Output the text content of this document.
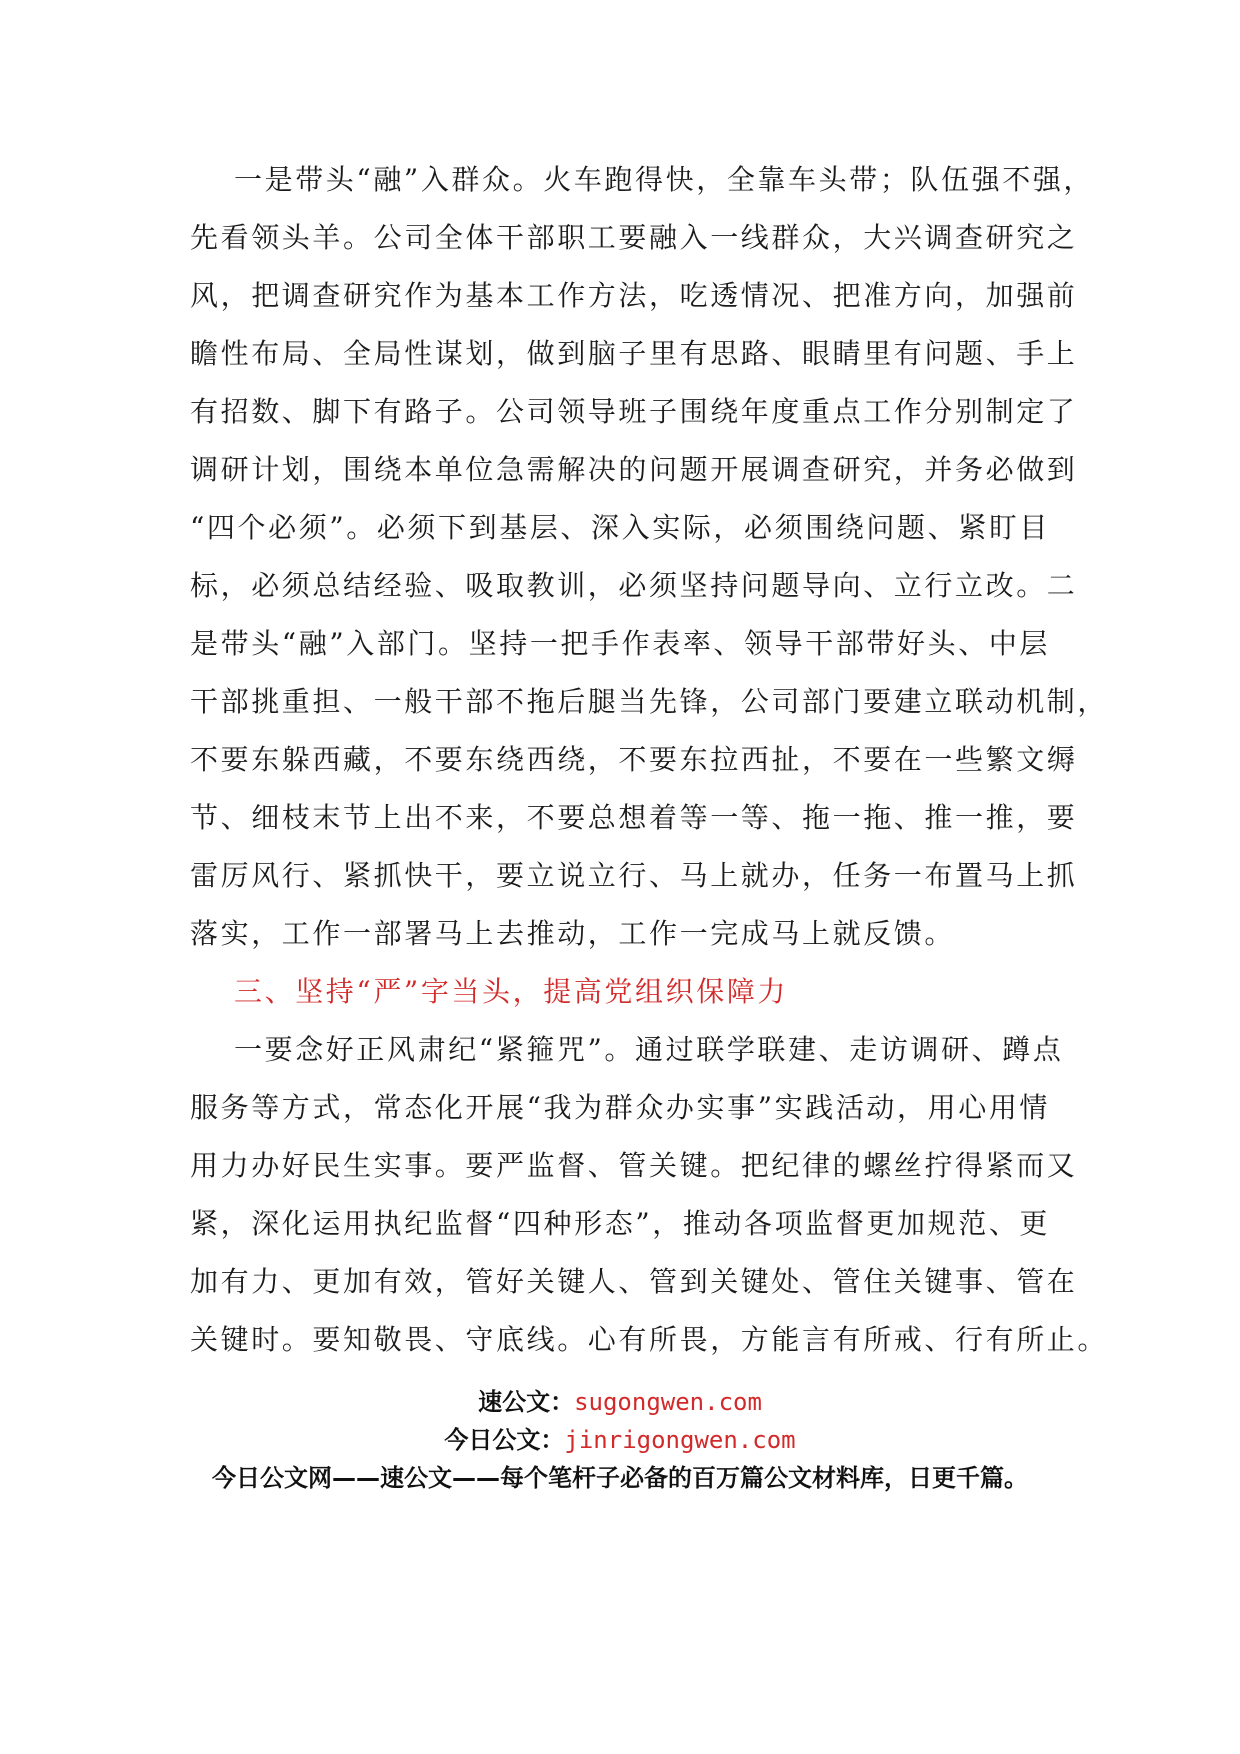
一是带头“融”入群众。火车跑得快，全靠车头带；队伍强不强，
先看领头羊。公司全体干部职工要融入一线群众，大兴调查研究之
风，把调查研究作为基本工作方法，吃透情况、把准方向，加强前
瞻性布局、全局性谋划，做到脑子里有思路、眼睛里有问题、手上
有招数、脚下有路子。公司领导班子围绕年度重点工作分别制定了
调研计划，围绕本单位急需解决的问题开展调查研究，并务必做到
“四个必须”。必须下到基层、深入实际，必须围绕问题、紧盯目
标，必须总结经验、吸取教训，必须坚持问题导向、立行立改。二
是带头“融”入部门。坚持一把手作表率、领导干部带好头、中层
干部挑重担、一般干部不拖后腿当先锋，公司部门要建立联动机制，
不要东躲西藏，不要东绕西绕，不要东拉西扯，不要在一些繁文缛
节、细枝末节上出不来，不要总想着等一等、拖一拖、推一推，要
雷厉风行、紧抓快干，要立说立行、马上就办，任务一布置马上抓
落实，工作一部署马上去推动，工作一完成马上就反馈。
三、坚持“严”字当头，提高党组织保障力
一要念好正风肃纪“紧箍咒”。通过联学联建、走访调研、蹲点
服务等方式，常态化开展“我为群众办实事”实践活动，用心用情
用力办好民生实事。要严监督、管关键。把纪律的螺丝拧得紧而又
紧，深化运用执纪监督“四种形态”，推动各项监督更加规范、更
加有力、更加有效，管好关键人、管到关键处、管住关键事、管在
关键时。要知敬畏、守底线。心有所畏，方能言有所戒、行有所止。
速公文：sugongwen.com
今日公文：jinrigongwen.com
今日公文网——速公文——每个笔杆子必备的百万篇公文材料库，日更千篇。
